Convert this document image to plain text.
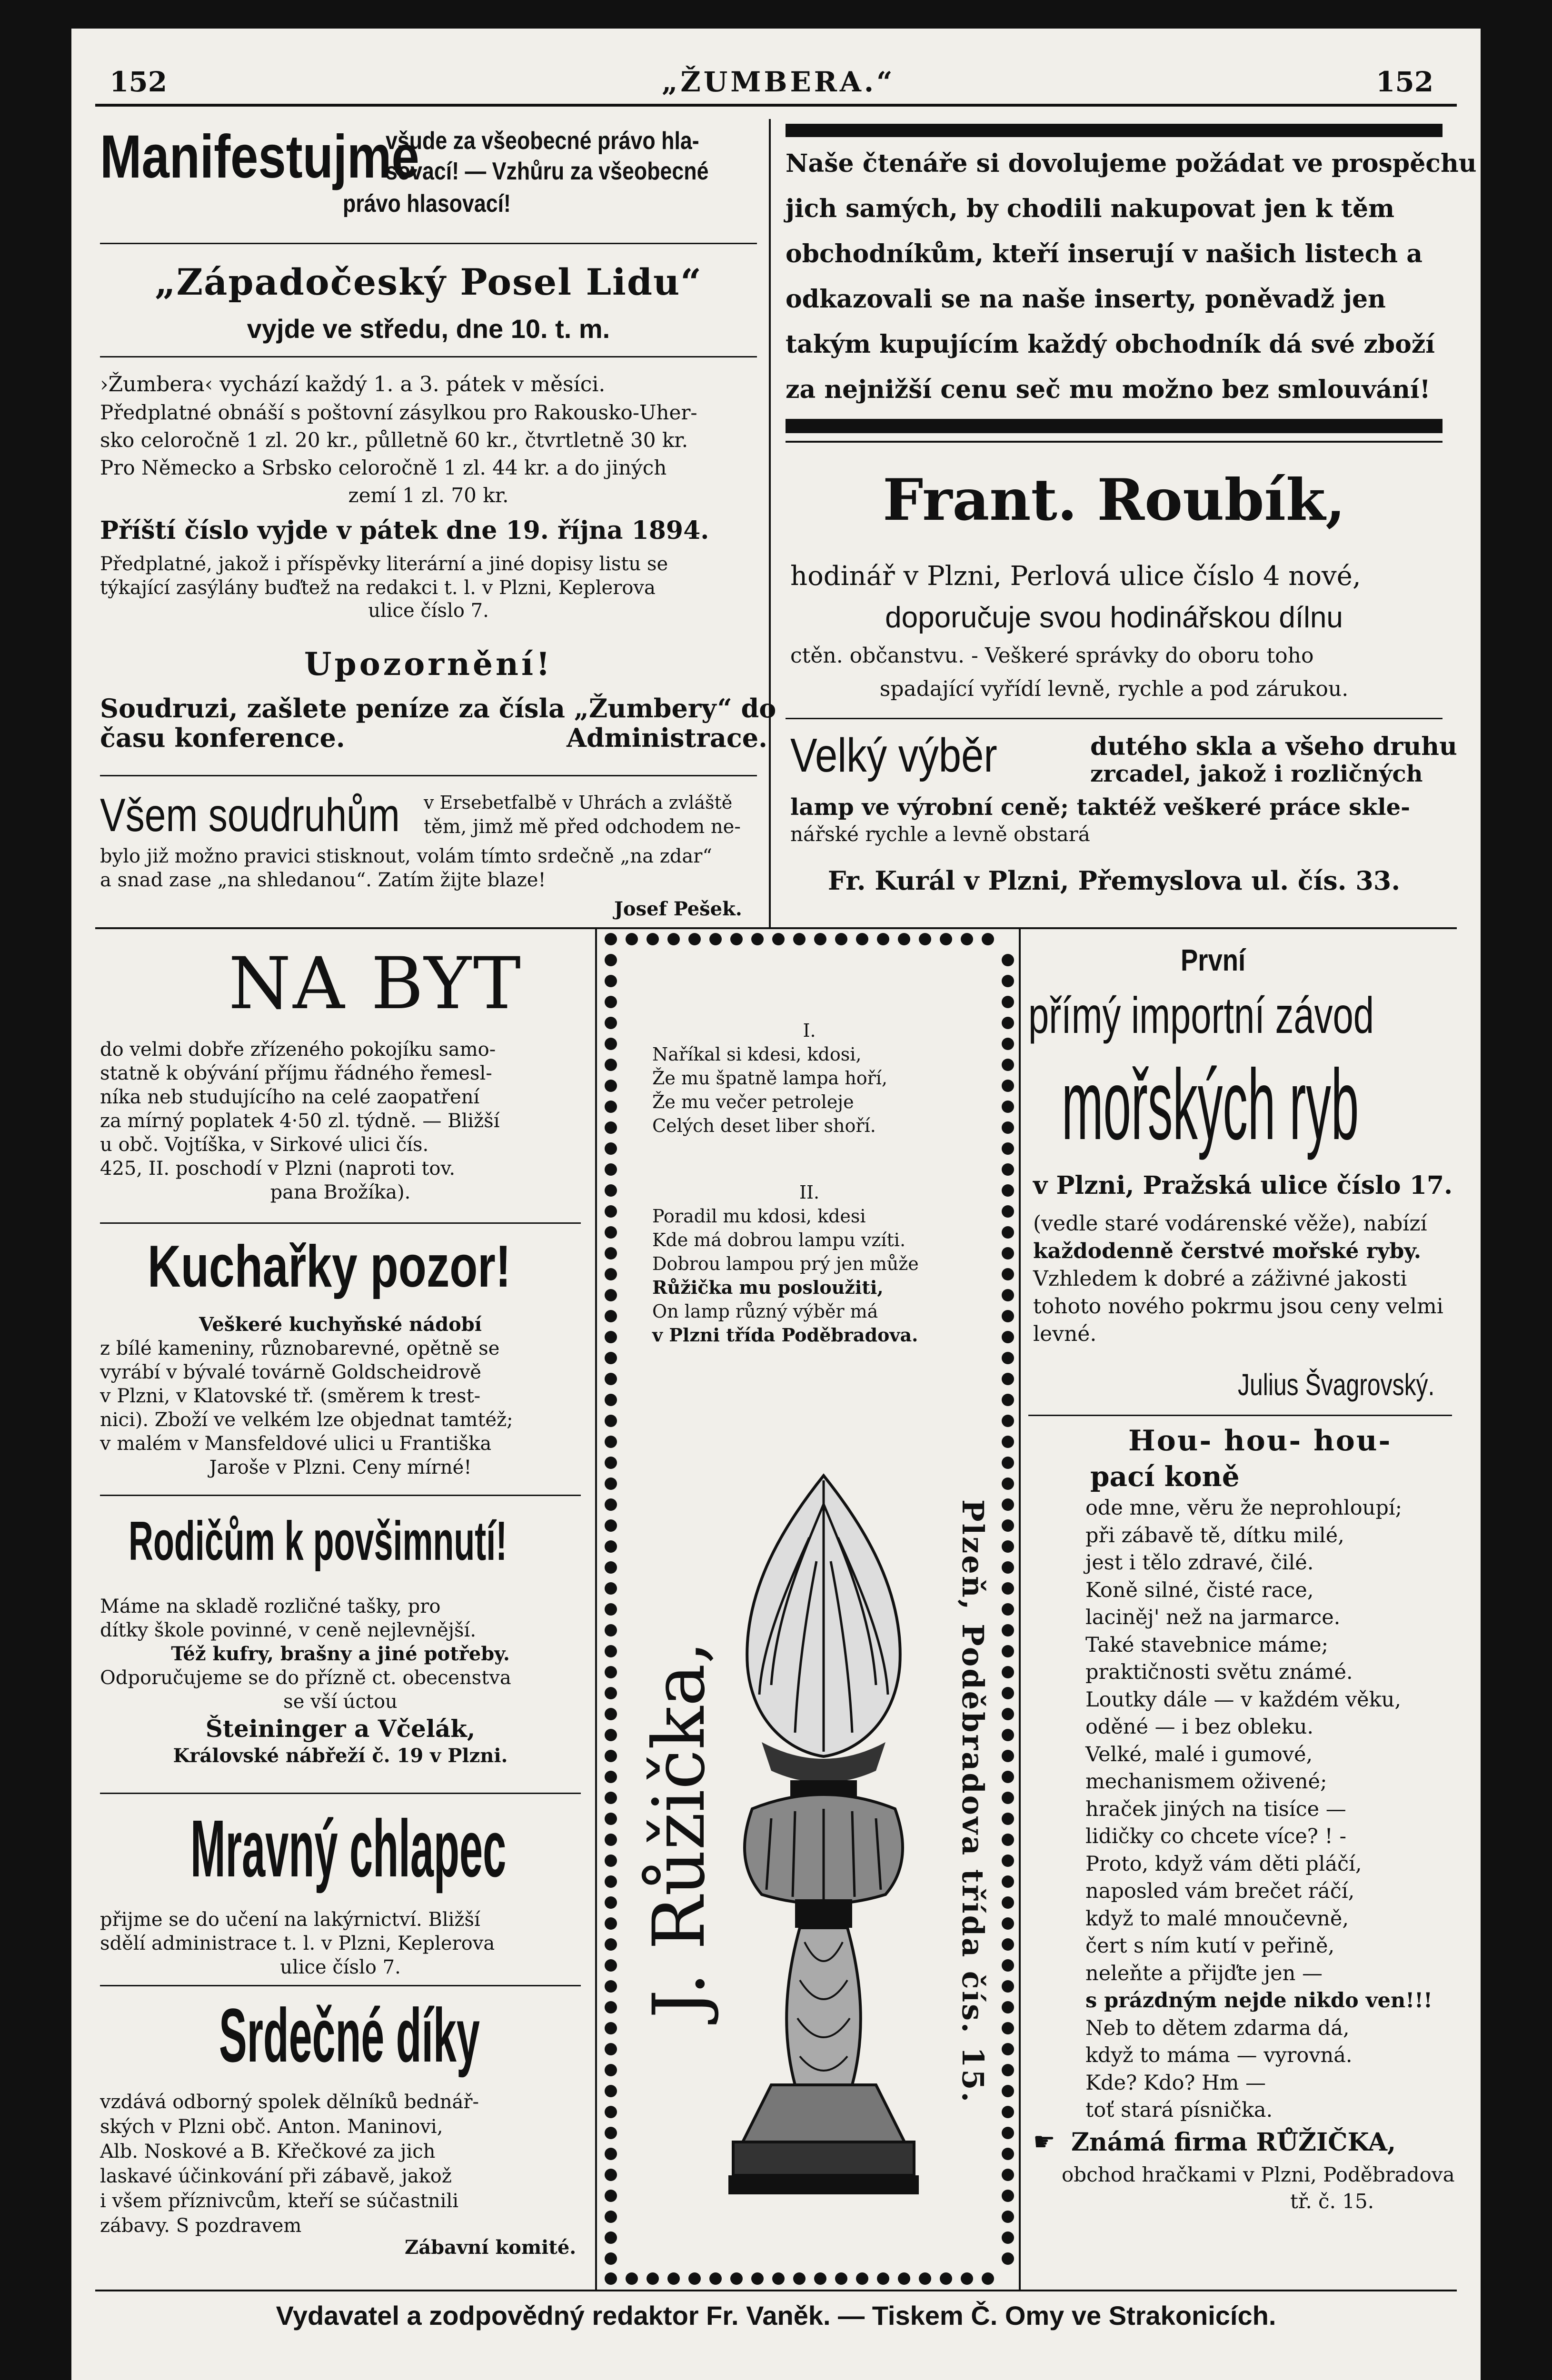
152	„ŽUMBERA.“	152
Manifestujme
všude za všeobecné právo hla-
sovací! — Vzhůru za všeobecné
právo hlasovací!
„Západočeský Posel Lidu“
vyjde ve středu, dne 10. t. m.
›Žumbera‹ vychází každý 1. a 3. pátek v měsíci.
Předplatné obnáší s poštovní zásylkou pro Rakousko-Uher-
sko celoročně 1 zl. 20 kr., půlletně 60 kr., čtvrtletně 30 kr.
Pro Německo a Srbsko celoročně 1 zl. 44 kr. a do jiných
zemí 1 zl. 70 kr.
Příští číslo vyjde v pátek dne 19. října 1894.
Předplatné, jakož i příspěvky literární a jiné dopisy listu se
týkající zasýlány buďtež na redakci t. l. v Plzni, Keplerova
ulice číslo 7.
Upozornění!
Soudruzi, zašlete peníze za čísla „Žumbery“ do
času konference.	Administrace.
Všem soudruhům v Ersebetfalbě v Uhrách a zvláště
těm, jimž mě před odchodem ne-
bylo již možno pravici stisknout, volám tímto srdečně „na zdar“
a snad zase „na shledanou“. Zatím žijte blaze!
Josef Pešek.
Naše čtenáře si dovolujeme požádat ve prospěchu
jich samých, by chodili nakupovat jen k těm
obchodníkům, kteří inserují v našich listech a
odkazovali se na naše inserty, poněvadž jen
takým kupujícím každý obchodník dá své zboží
za nejnižší cenu seč mu možno bez smlouvání!
Frant. Roubík,
hodinář v Plzni, Perlová ulice číslo 4 nové,
doporučuje svou hodinářskou dílnu
ctěn. občanstvu. - Veškeré správky do oboru toho
spadající vyřídí levně, rychle a pod zárukou.
Velký výběr	dutého skla a všeho druhu
zrcadel, jakož i rozličných
lamp ve výrobní ceně; taktéž veškeré práce skle-
nářské rychle a levně obstará
Fr. Kurál v Plzni, Přemyslova ul. čís. 33.
NA BYT
do velmi dobře zřízeného pokojíku samo-
statně k obývání příjmu řádného řemesl-
níka neb studujícího na celé zaopatření
za mírný poplatek 4·50 zl. týdně. — Bližší
u obč. Vojtíška, v Sirkové ulici čís.
425, II. poschodí v Plzni (naproti tov.
pana Brožíka).
Kuchařky pozor!
Veškeré kuchyňské nádobí
z bílé kameniny, různobarevné, opětně se
vyrábí v bývalé továrně Goldscheidrově
v Plzni, v Klatovské tř. (směrem k trest-
nici). Zboží ve velkém lze objednat tamtéž;
v malém v Mansfeldové ulici u Františka
Jaroše v Plzni. Ceny mírné!
Rodičům k povšimnutí!
Máme na skladě rozličné tašky, pro
dítky škole povinné, v ceně nejlevnější.
Též kufry, brašny a jiné potřeby.
Odporučujeme se do přízně ct. obecenstva
se vší úctou
Šteininger a Včelák,
Královské nábřeží č. 19 v Plzni.
Mravný chlapec
přijme se do učení na lakýrnictví. Bližší
sdělí administrace t. l. v Plzni, Keplerova
ulice číslo 7.
Srdečné díky
vzdává odborný spolek dělníků bednář-
ských v Plzni obč. Anton. Maninovi,
Alb. Noskové a B. Křečkové za jich
laskavé účinkování při zábavě, jakož
i všem příznivcům, kteří se súčastnili
zábavy. S pozdravem
Zábavní komité.
I.
Naříkal si kdesi, kdosi,
Že mu špatně lampa hoří,
Že mu večer petroleje
Celých deset liber shoří.
II.
Poradil mu kdosi, kdesi
Kde má dobrou lampu vzíti.
Dobrou lampou prý jen může
Růžička mu posloužiti,
On lamp různý výběr má
v Plzni třída Poděbradova.
J. Růžička,	Plzeň, Poděbradova třída čís. 15.
První
přímý importní závod
mořských ryb
v Plzni, Pražská ulice číslo 17.
(vedle staré vodárenské věže), nabízí
každodenně čerstvé mořské ryby.
Vzhledem k dobré a záživné jakosti
tohoto nového pokrmu jsou ceny velmi
levné.
Julius Švagrovský.
Hou- hou- hou-
pací koně
ode mne, věru že neprohloupí;
při zábavě tě, dítku milé,
jest i tělo zdravé, čilé.
Koně silné, čisté race,
laciněj' než na jarmarce.
Také stavebnice máme;
praktičnosti světu známé.
Loutky dále — v každém věku,
oděné — i bez obleku.
Velké, malé i gumové,
mechanismem oživené;
hraček jiných na tisíce —
lidičky co chcete více? ! -
Proto, když vám děti pláčí,
naposled vám brečet ráčí,
když to malé mnoučevně,
čert s ním kutí v peřině,
neleňte a přijďte jen —
s prázdným nejde nikdo ven!!!
Neb to dětem zdarma dá,
když to máma — vyrovná.
Kde? Kdo? Hm —
toť stará písnička.
☛ Známá firma RŮŽIČKA,
obchod hračkami v Plzni, Poděbradova
tř. č. 15.
Vydavatel a zodpovědný redaktor Fr. Vaněk. — Tiskem Č. Omy ve Strakonicích.
